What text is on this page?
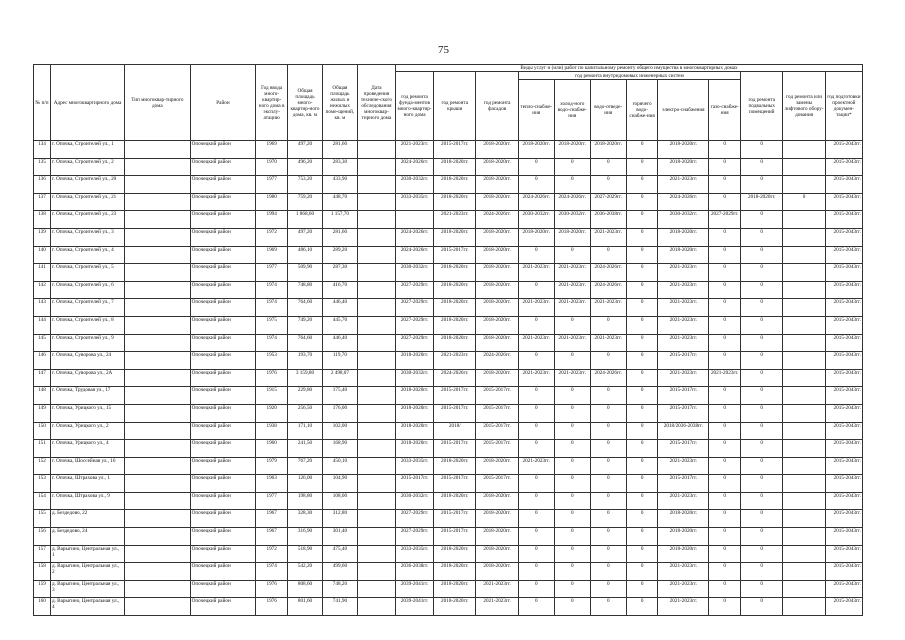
75
№ п/п	Адрес многоквартирного дома	Тип многоквар-тирного дома	Район	Год ввода много-квартир-ного дома в эксплу-атацию	Общая площадь много-квартир-ного дома, кв. м	Общая площадь жилых и нежилых поме-щений, кв. м	Дата проведения техниче-ского обследования многоквар-тирного дома	Виды услуг и (или) работ по капитальному ремонту общего имущества в многоквартирных домах											
								год ремонта фунда-ментов много-квартир-ного дома	год ремонта крыши	год ремонта фасадов	год ремонта внутридомовых инженерных систем						год ремонта подвальных помещений	год ремонта или замены лифтового обору-дования	год подготовки проектной докумен-тации*
											тепло-снабже-ния	холод-ного водо-снабже-ния	водо-отведе-ния	горячего водо-снабже-ния	электро-снабжения	газо-снабже-ния			
134	г. Опочка, Строителей ул., 1		Опочецкий район	1969	497,20	281,60		2021-2023гг.	2015-2017гг.	2018-2020гг.	2018-2020гг.	2018-2020гг.	2018-2020гг.	0	2018-2020гг.	0	0		2015-2043гг.
135	г. Опочка, Строителей ул., 2		Опочецкий район	1970	496,20	283,30		2024-2026гг.	2018-2020гг.	2018-2020гг.	0	0	0	0	2018-2020гг.	0	0		2015-2043гг.
136	г. Опочка, Строителей ул., 20		Опочецкий район	1977	753,20	433,90		2030-2032гг.	2018-2020гг.	2018-2020гг.	0	0	0	0	2021-2023гг.	0	0		2015-2043гг.
137	г. Опочка, Строителей ул., 21		Опочецкий район	1980	759,20	448,70		2033-2035гг.	2018-2020гг.	2018-2020гг.	2024-2026гг.	2024-2026гг.	2027-2029гг.	0	2024-2026гг.	0	2018-2020гг.	0	2015-2043гг.
138	г. Опочка, Строителей ул., 23		Опочецкий район	1994	1 868,60	1 157,70			2021-2023гг.	2024-2026гг.	2030-2032гг.	2030-2032гг.	2036-2038гг.	0	2030-2032гг.	2027-2029гг.	0		2015-2043гг.
139	г. Опочка, Строителей ул., 3		Опочецкий район	1972	497,20	281,60		2024-2026гг.	2018-2020гг.	2018-2020гг.	2018-2020гг.	2018-2020гг.	2021-2023гг.	0	2018-2020гг.	0	0		2015-2043гг.
140	г. Опочка, Строителей ул., 4		Опочецкий район	1969	486,10	289,20		2024-2026гг.	2015-2017гг.	2018-2020гг.	0	0	0	0	2018-2020гг.	0	0		2015-2043гг.
141	г. Опочка, Строителей ул., 5		Опочецкий район	1977	509,90	287,30		2030-2032гг.	2018-2020гг.	2018-2020гг.	2021-2023гг.	2021-2023гг.	2024-2026гг.	0	2021-2023гг.	0	0		2015-2043гг.
142	г. Опочка, Строителей ул., 6		Опочецкий район	1974	748,80	416,70		2027-2029гг.	2018-2020гг.	2018-2020гг.	0	2021-2023гг.	2024-2026гг.	0	2021-2023гг.	0	0		2015-2043гг.
143	г. Опочка, Строителей ул., 7		Опочецкий район	1974	764,60	446,40		2027-2029гг.	2018-2020гг.	2018-2020гг.	2021-2023гг.	2021-2023гг.	2021-2023гг.	0	2021-2023гг.	0	0		2015-2043гг.
144	г. Опочка, Строителей ул., 8		Опочецкий район	1975	749,20	445,70		2027-2029гг.	2018-2020гг.	2018-2020гг.	0	0	0	0	2021-2023гг.	0	0		2015-2043гг.
145	г. Опочка, Строителей ул., 9		Опочецкий район	1974	764,60	446,40		2027-2029гг.	2018-2020гг.	2018-2020гг.	2021-2023гг.	2021-2023гг.	2021-2023гг.	0	2021-2023гг.	0	0		2015-2043гг.
146	г. Опочка, Суворова ул., 24		Опочецкий район	1953	193,70	119,70		2018-2020гг.	2021-2023гг.	2024-2026гг.	0	0	0	0	2015-2017гг.	0	0		2015-2043гг.
147	г. Опочка, Суворова ул., 2А		Опочецкий район	1976	3 159,80	2 498,07		2030-2032гг.	2024-2026гг.	2018-2020гг.	2021-2023гг.	2021-2023гг.	2024-2026гг.	0	2021-2023гг.	2021-2023гг.	0		2015-2043гг.
148	г. Опочка, Трудовая ул., 17		Опочецкий район	1915	229,80	175,40		2018-2020гг.	2015-2017гг.	2015-2017гг.	0	0	0	0	2015-2017гг.	0	0		2015-2043гг.
149	г. Опочка, Урицкого ул., 15		Опочецкий район	1920	256,50	176,00		2018-2020гг.	2015-2017гг.	2015-2017гг.	0	0	0	0	2015-2017гг.	0	0		2015-2043гг.
150	г. Опочка, Урицкого ул., 2		Опочецкий район	1938	171,10	102,00		2018-2020гг.	2018/	2015-2017гг.	0	0	0	0	2018/2036-2038гг.	0	0		2015-2043гг.
151	г. Опочка, Урицкого ул., 4		Опочецкий район	1960	241,50	168,90		2018-2020гг.	2015-2017гг.	2015-2017гг.	0	0	0	0	2015-2017гг.	0	0		2015-2043гг.
152	г. Опочка, Шоссейная ул., 16		Опочецкий район	1979	767,20	450,10		2033-2035гг.	2018-2020гг.	2018-2020гг.	2021-2023гг.	0	0	0	2021-2023гг.	0	0		2015-2043гг.
153	г. Опочка, Штрахова ул., 1		Опочецкий район	1963	126,00	104,90		2015-2017гг.	2015-2017гг.	2015-2017гг.	0	0	0	0	2015-2017гг.	0	0		2015-2043гг.
154	г. Опочка, Штрахова ул., 9		Опочецкий район	1977	198,80	108,00		2030-2032гг.	2018-2020гг.	2018-2020гг.	0	0	0	0	2021-2023гг.	0	0		2015-2043гг.
155	д. Бездедово, 22		Опочецкий район	1967	328,30	312,80		2027-2029гг.	2015-2017гг.	2018-2020гг.	0	0	0	0	2018-2020гг.	0	0		2015-2043гг.
156	д. Бездедово, 24		Опочецкий район	1967	316,90	301,40		2027-2029гг.	2015-2017гг.	2018-2020гг.	0	0	0	0	2018-2020гг.	0	0		2015-2043гг.
157	д. Варыгино, Центральная ул., 1		Опочецкий район	1972	518,90	475,40		2033-2035гг.	2018-2020гг.	2018-2020гг.	0	0	0	0	2018-2020гг.	0	0		2015-2043гг.
158	д. Варыгино, Центральная ул., 2		Опочецкий район	1974	542,20	499,60		2036-2038гг.	2018-2020гг.	2018-2020гг.	0	0	0	0	2021-2023гг.	0	0		2015-2043гг.
159	д. Варыгино, Центральная ул., 3		Опочецкий район	1976	808,60	748,20		2039-2041гг.	2018-2020гг.	2021-2023гг.	0	0	0	0	2021-2023гг.	0	0		2015-2043гг.
160	д. Варыгино, Центральная ул., 4		Опочецкий район	1976	801,60	741,90		2039-2041гг.	2018-2020гг.	2021-2023гг.	0	0	0	0	2021-2023гг.	0	0		2015-2043гг.
